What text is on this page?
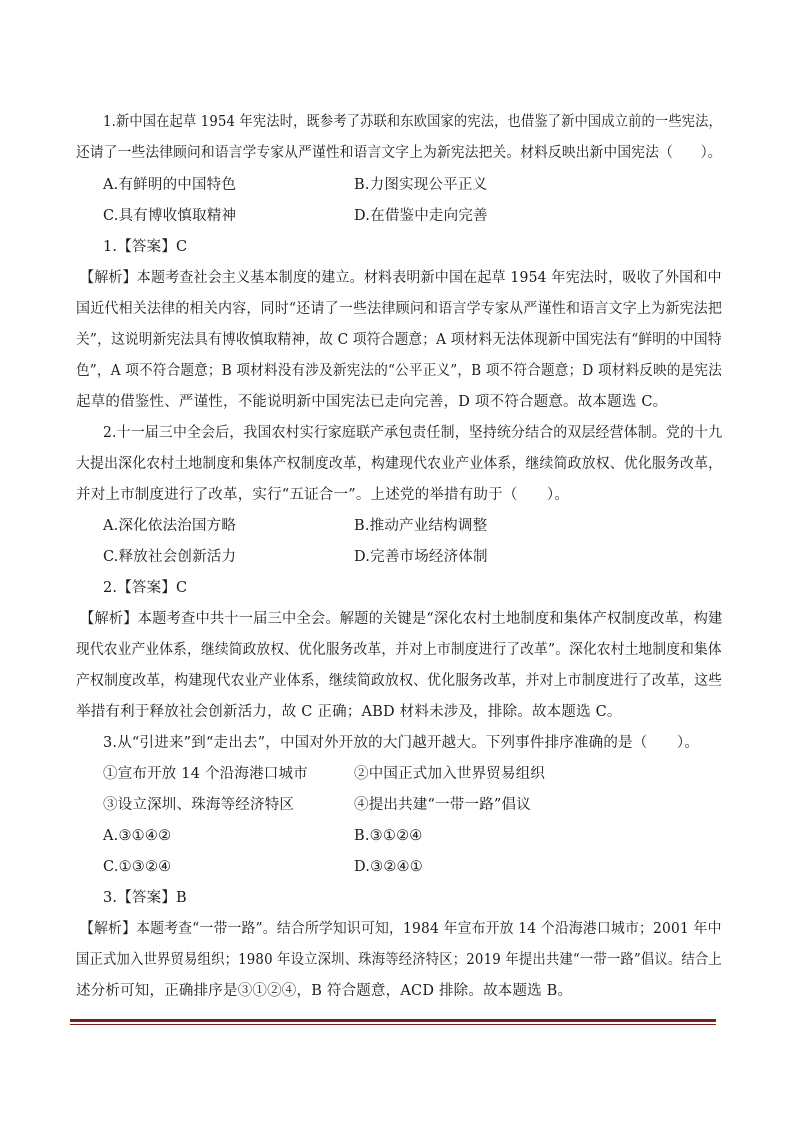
1.新中国在起草 1954 年宪法时，既参考了苏联和东欧国家的宪法，也借鉴了新中国成立前的一些宪法，
还请了一些法律顾问和语言学专家从严谨性和语言文字上为新宪法把关。材料反映出新中国宪法（　　）。
A.有鲜明的中国特色	B.力图实现公平正义
C.具有博收慎取精神	D.在借鉴中走向完善
1.【答案】C
【解析】本题考查社会主义基本制度的建立。材料表明新中国在起草 1954 年宪法时，吸收了外国和中
国近代相关法律的相关内容，同时“还请了一些法律顾问和语言学专家从严谨性和语言文字上为新宪法把
关”，这说明新宪法具有博收慎取精神，故 C 项符合题意；A 项材料无法体现新中国宪法有“鲜明的中国特
色”，A 项不符合题意；B 项材料没有涉及新宪法的“公平正义”，B 项不符合题意；D 项材料反映的是宪法
起草的借鉴性、严谨性，不能说明新中国宪法已走向完善，D 项不符合题意。故本题选 C。
2.十一届三中全会后，我国农村实行家庭联产承包责任制，坚持统分结合的双层经营体制。党的十九
大提出深化农村土地制度和集体产权制度改革，构建现代农业产业体系，继续简政放权、优化服务改革，
并对上市制度进行了改革，实行“五证合一”。上述党的举措有助于（　　）。
A.深化依法治国方略	B.推动产业结构调整
C.释放社会创新活力	D.完善市场经济体制
2.【答案】C
【解析】本题考查中共十一届三中全会。解题的关键是“深化农村土地制度和集体产权制度改革，构建
现代农业产业体系，继续简政放权、优化服务改革，并对上市制度进行了改革”。深化农村土地制度和集体
产权制度改革，构建现代农业产业体系，继续简政放权、优化服务改革，并对上市制度进行了改革，这些
举措有利于释放社会创新活力，故 C 正确；ABD 材料未涉及，排除。故本题选 C。
3.从“引进来”到“走出去”，中国对外开放的大门越开越大。下列事件排序准确的是（　　）。
①宣布开放 14 个沿海港口城市	②中国正式加入世界贸易组织
③设立深圳、珠海等经济特区	④提出共建“一带一路”倡议
A.③①④②	B.③①②④
C.①③②④	D.③②④①
3.【答案】B
【解析】本题考查“一带一路”。结合所学知识可知，1984 年宣布开放 14 个沿海港口城市；2001 年中
国正式加入世界贸易组织；1980 年设立深圳、珠海等经济特区；2019 年提出共建“一带一路”倡议。结合上
述分析可知，正确排序是③①②④，B 符合题意，ACD 排除。故本题选 B。
